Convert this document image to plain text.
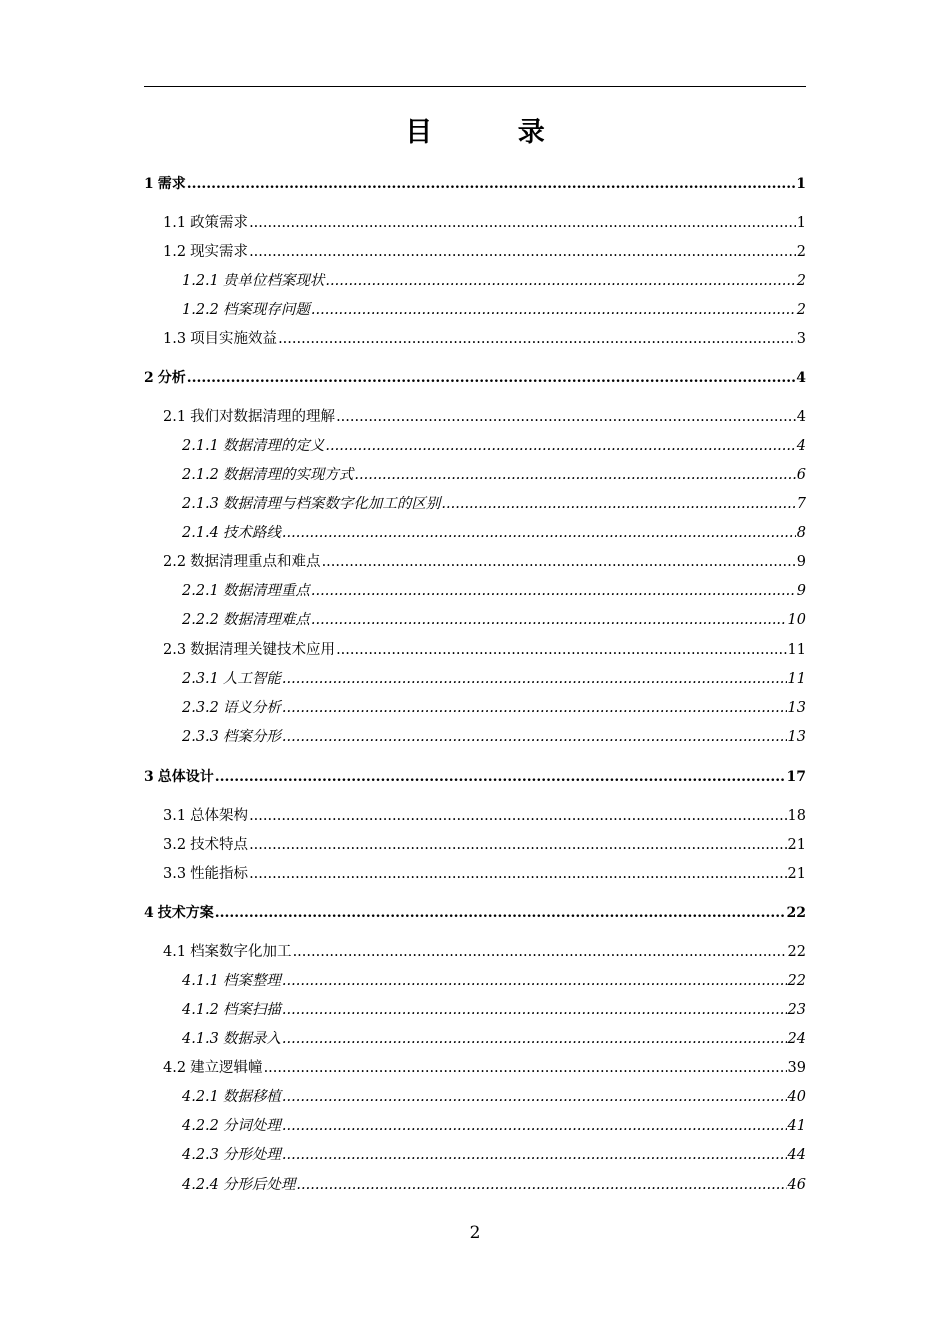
目 录
1 需求 .....	1
1.1 政策需求 .....	1
1.2 现实需求 .....	2
1.2.1 贵单位档案现状 .....	2
1.2.2 档案现存问题 .....	2
1.3 项目实施效益 .....	3
2 分析 .....	4
2.1 我们对数据清理的理解 .....	4
2.1.1 数据清理的定义 .....	4
2.1.2 数据清理的实现方式 .....	6
2.1.3 数据清理与档案数字化加工的区别 .....	7
2.1.4 技术路线 .....	8
2.2 数据清理重点和难点 .....	9
2.2.1 数据清理重点 .....	9
2.2.2 数据清理难点 .....	10
2.3 数据清理关键技术应用 .....	11
2.3.1 人工智能 .....	11
2.3.2 语义分析 .....	13
2.3.3 档案分形 .....	13
3 总体设计 .....	17
3.1 总体架构 .....	18
3.2 技术特点 .....	21
3.3 性能指标 .....	21
4 技术方案 .....	22
4.1 档案数字化加工 .....	22
4.1.1 档案整理 .....	22
4.1.2 档案扫描 .....	23
4.1.3 数据录入 .....	24
4.2 建立逻辑幢 .....	39
4.2.1 数据移植 .....	40
4.2.2 分词处理 .....	41
4.2.3 分形处理 .....	44
4.2.4 分形后处理 .....	46
2
